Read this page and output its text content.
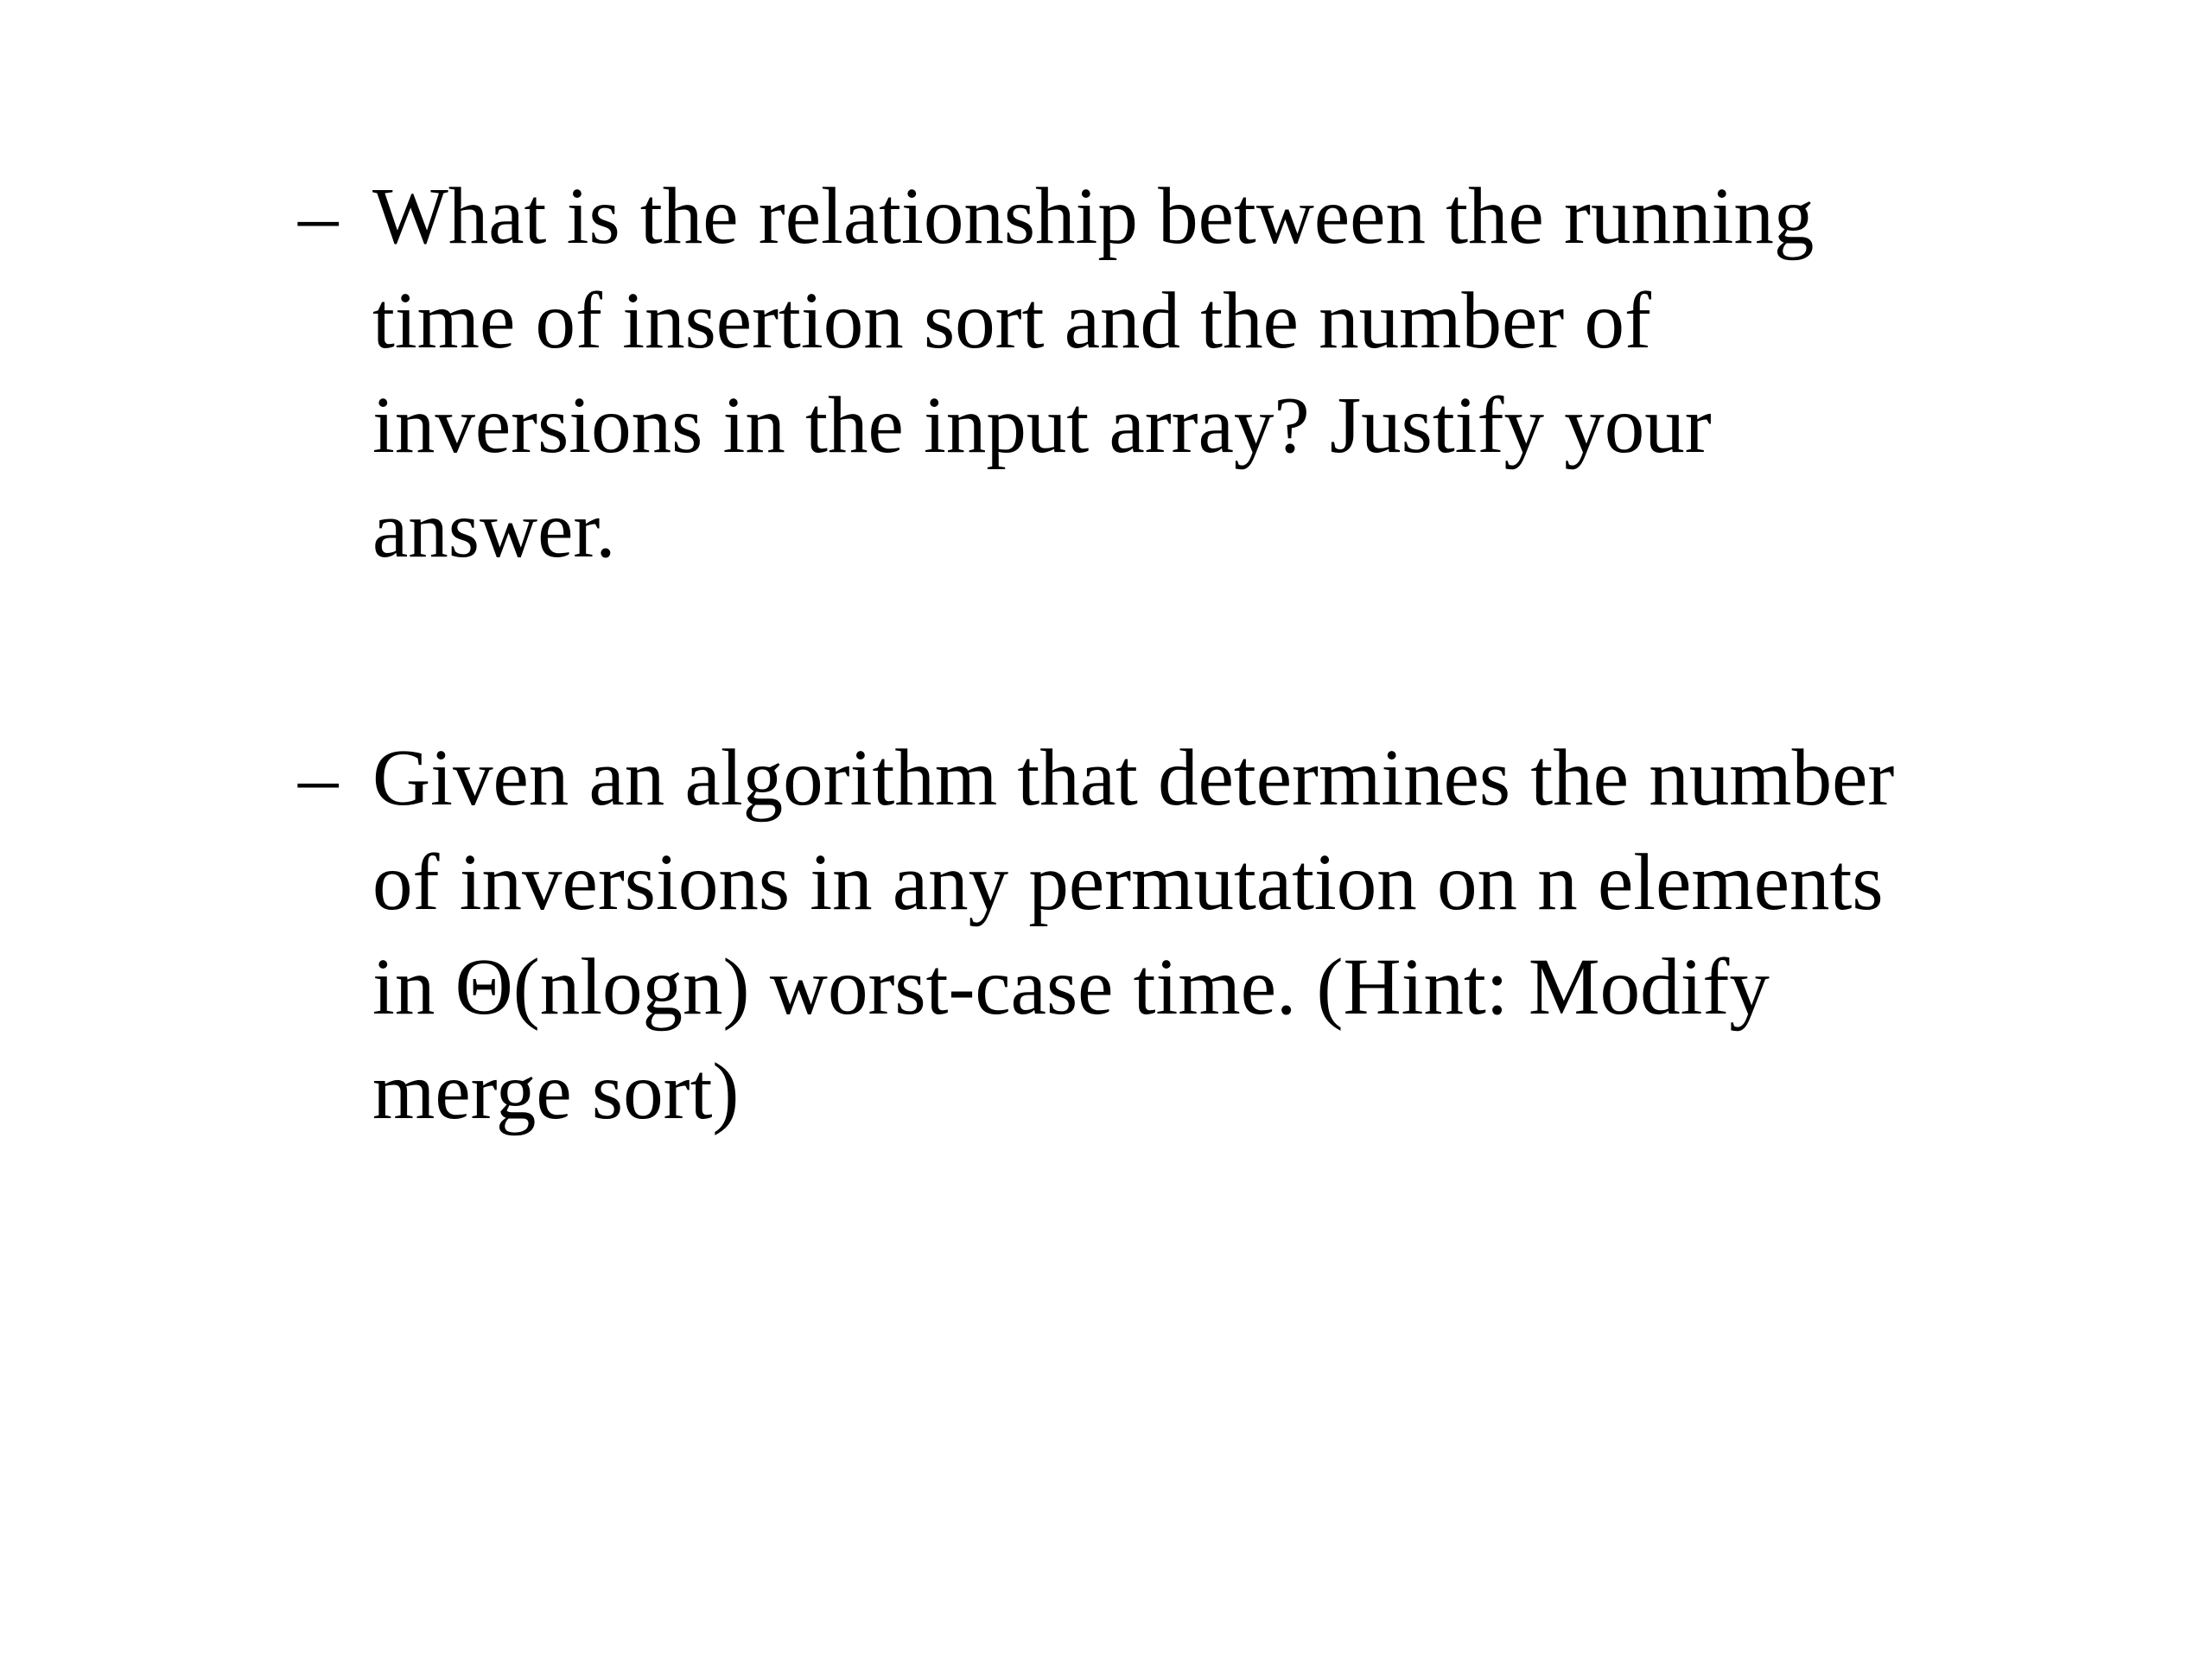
– What is the relationship between the running
time of insertion sort and the number of
inversions in the input array? Justify your
answer.
– Given an algorithm that determines the number
of inversions in any permutation on n elements
in Θ(nlogn) worst-case time. (Hint: Modify
merge sort)
